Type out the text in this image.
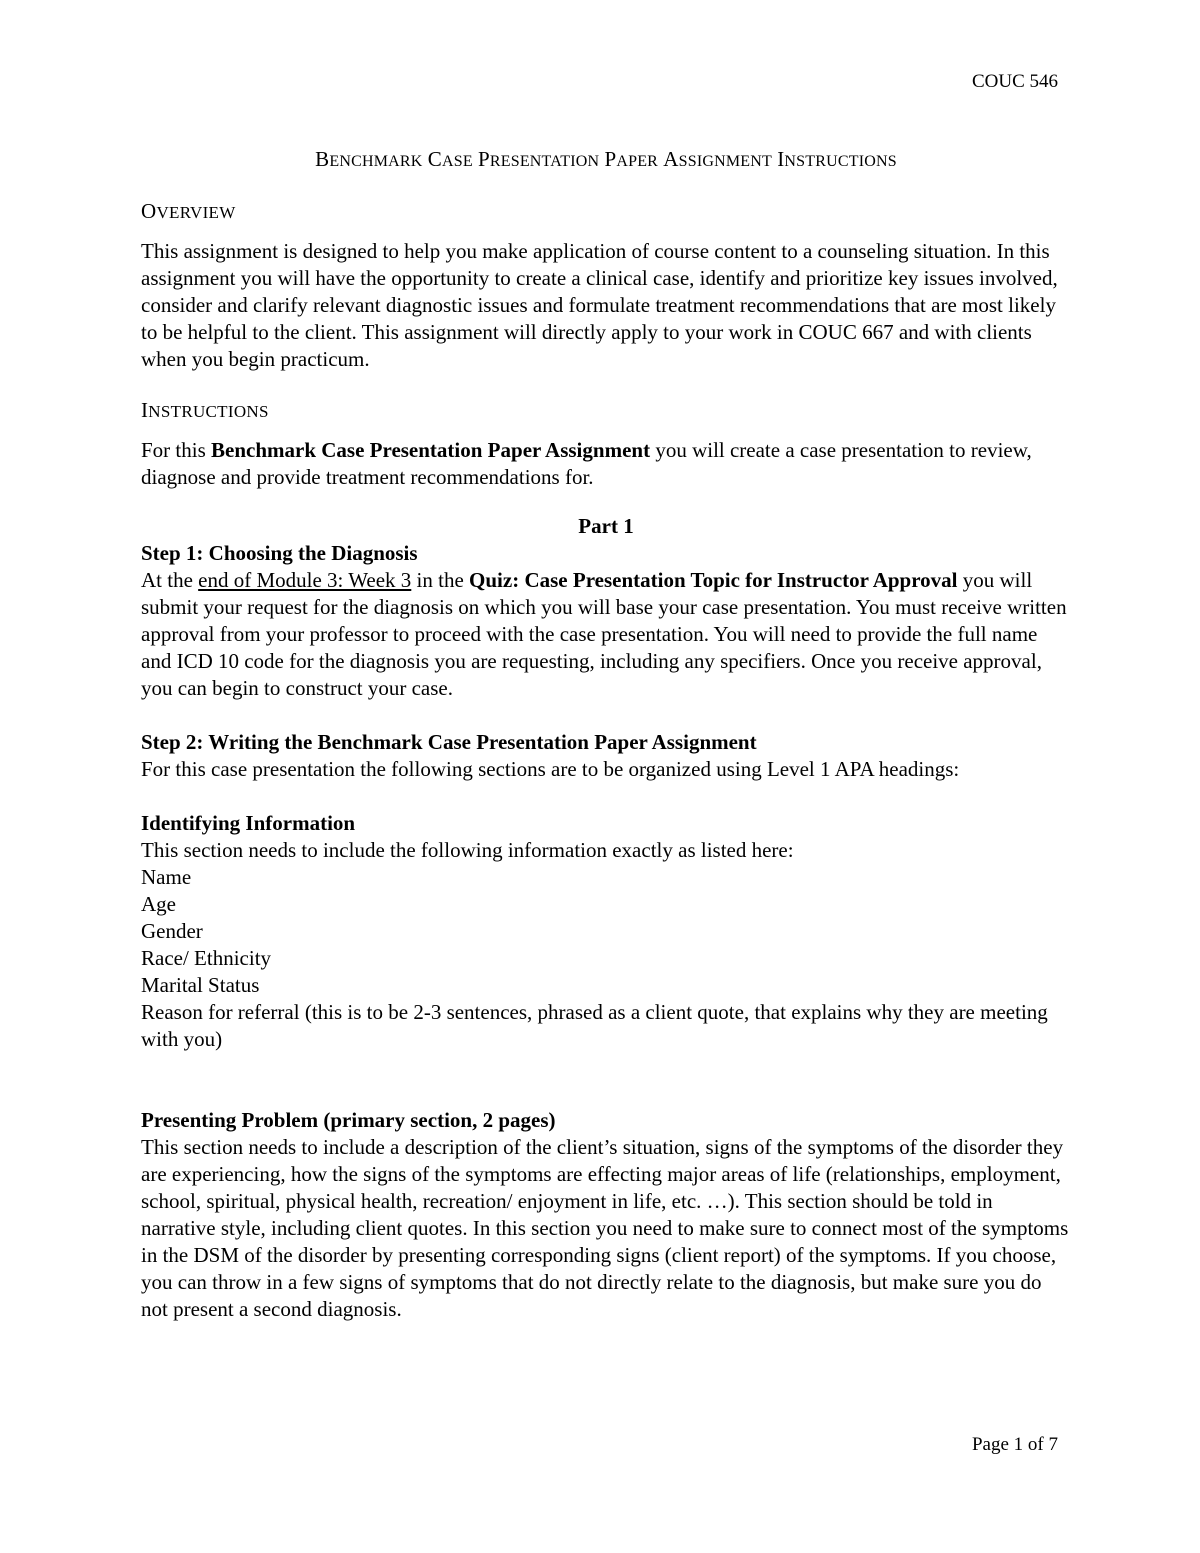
COUC 546
BENCHMARK CASE PRESENTATION PAPER ASSIGNMENT INSTRUCTIONS
OVERVIEW

This assignment is designed to help you make application of course content to a counseling situation. In this assignment you will have the opportunity to create a clinical case, identify and prioritize key issues involved, consider and clarify relevant diagnostic issues and formulate treatment recommendations that are most likely to be helpful to the client. This assignment will directly apply to your work in COUC 667 and with clients when you begin practicum.

INSTRUCTIONS

For this Benchmark Case Presentation Paper Assignment you will create a case presentation to review, diagnose and provide treatment recommendations for.

Part 1

Step 1: Choosing the Diagnosis

At the end of Module 3: Week 3 in the Quiz: Case Presentation Topic for Instructor Approval you will submit your request for the diagnosis on which you will base your case presentation. You must receive written approval from your professor to proceed with the case presentation. You will need to provide the full name and ICD 10 code for the diagnosis you are requesting, including any specifiers. Once you receive approval, you can begin to construct your case.

Step 2: Writing the Benchmark Case Presentation Paper Assignment

For this case presentation the following sections are to be organized using Level 1 APA headings:

Identifying Information

This section needs to include the following information exactly as listed here:

Name
Age
Gender
Race/ Ethnicity
Marital Status

Reason for referral (this is to be 2-3 sentences, phrased as a client quote, that explains why they are meeting with you)

Presenting Problem (primary section, 2 pages)

This section needs to include a description of the client’s situation, signs of the symptoms of the disorder they are experiencing, how the signs of the symptoms are effecting major areas of life (relationships, employment, school, spiritual, physical health, recreation/ enjoyment in life, etc. …). This section should be told in narrative style, including client quotes. In this section you need to make sure to connect most of the symptoms in the DSM of the disorder by presenting corresponding signs (client report) of the symptoms. If you choose, you can throw in a few signs of symptoms that do not directly relate to the diagnosis, but make sure you do not present a second diagnosis.

Page 1 of 7
